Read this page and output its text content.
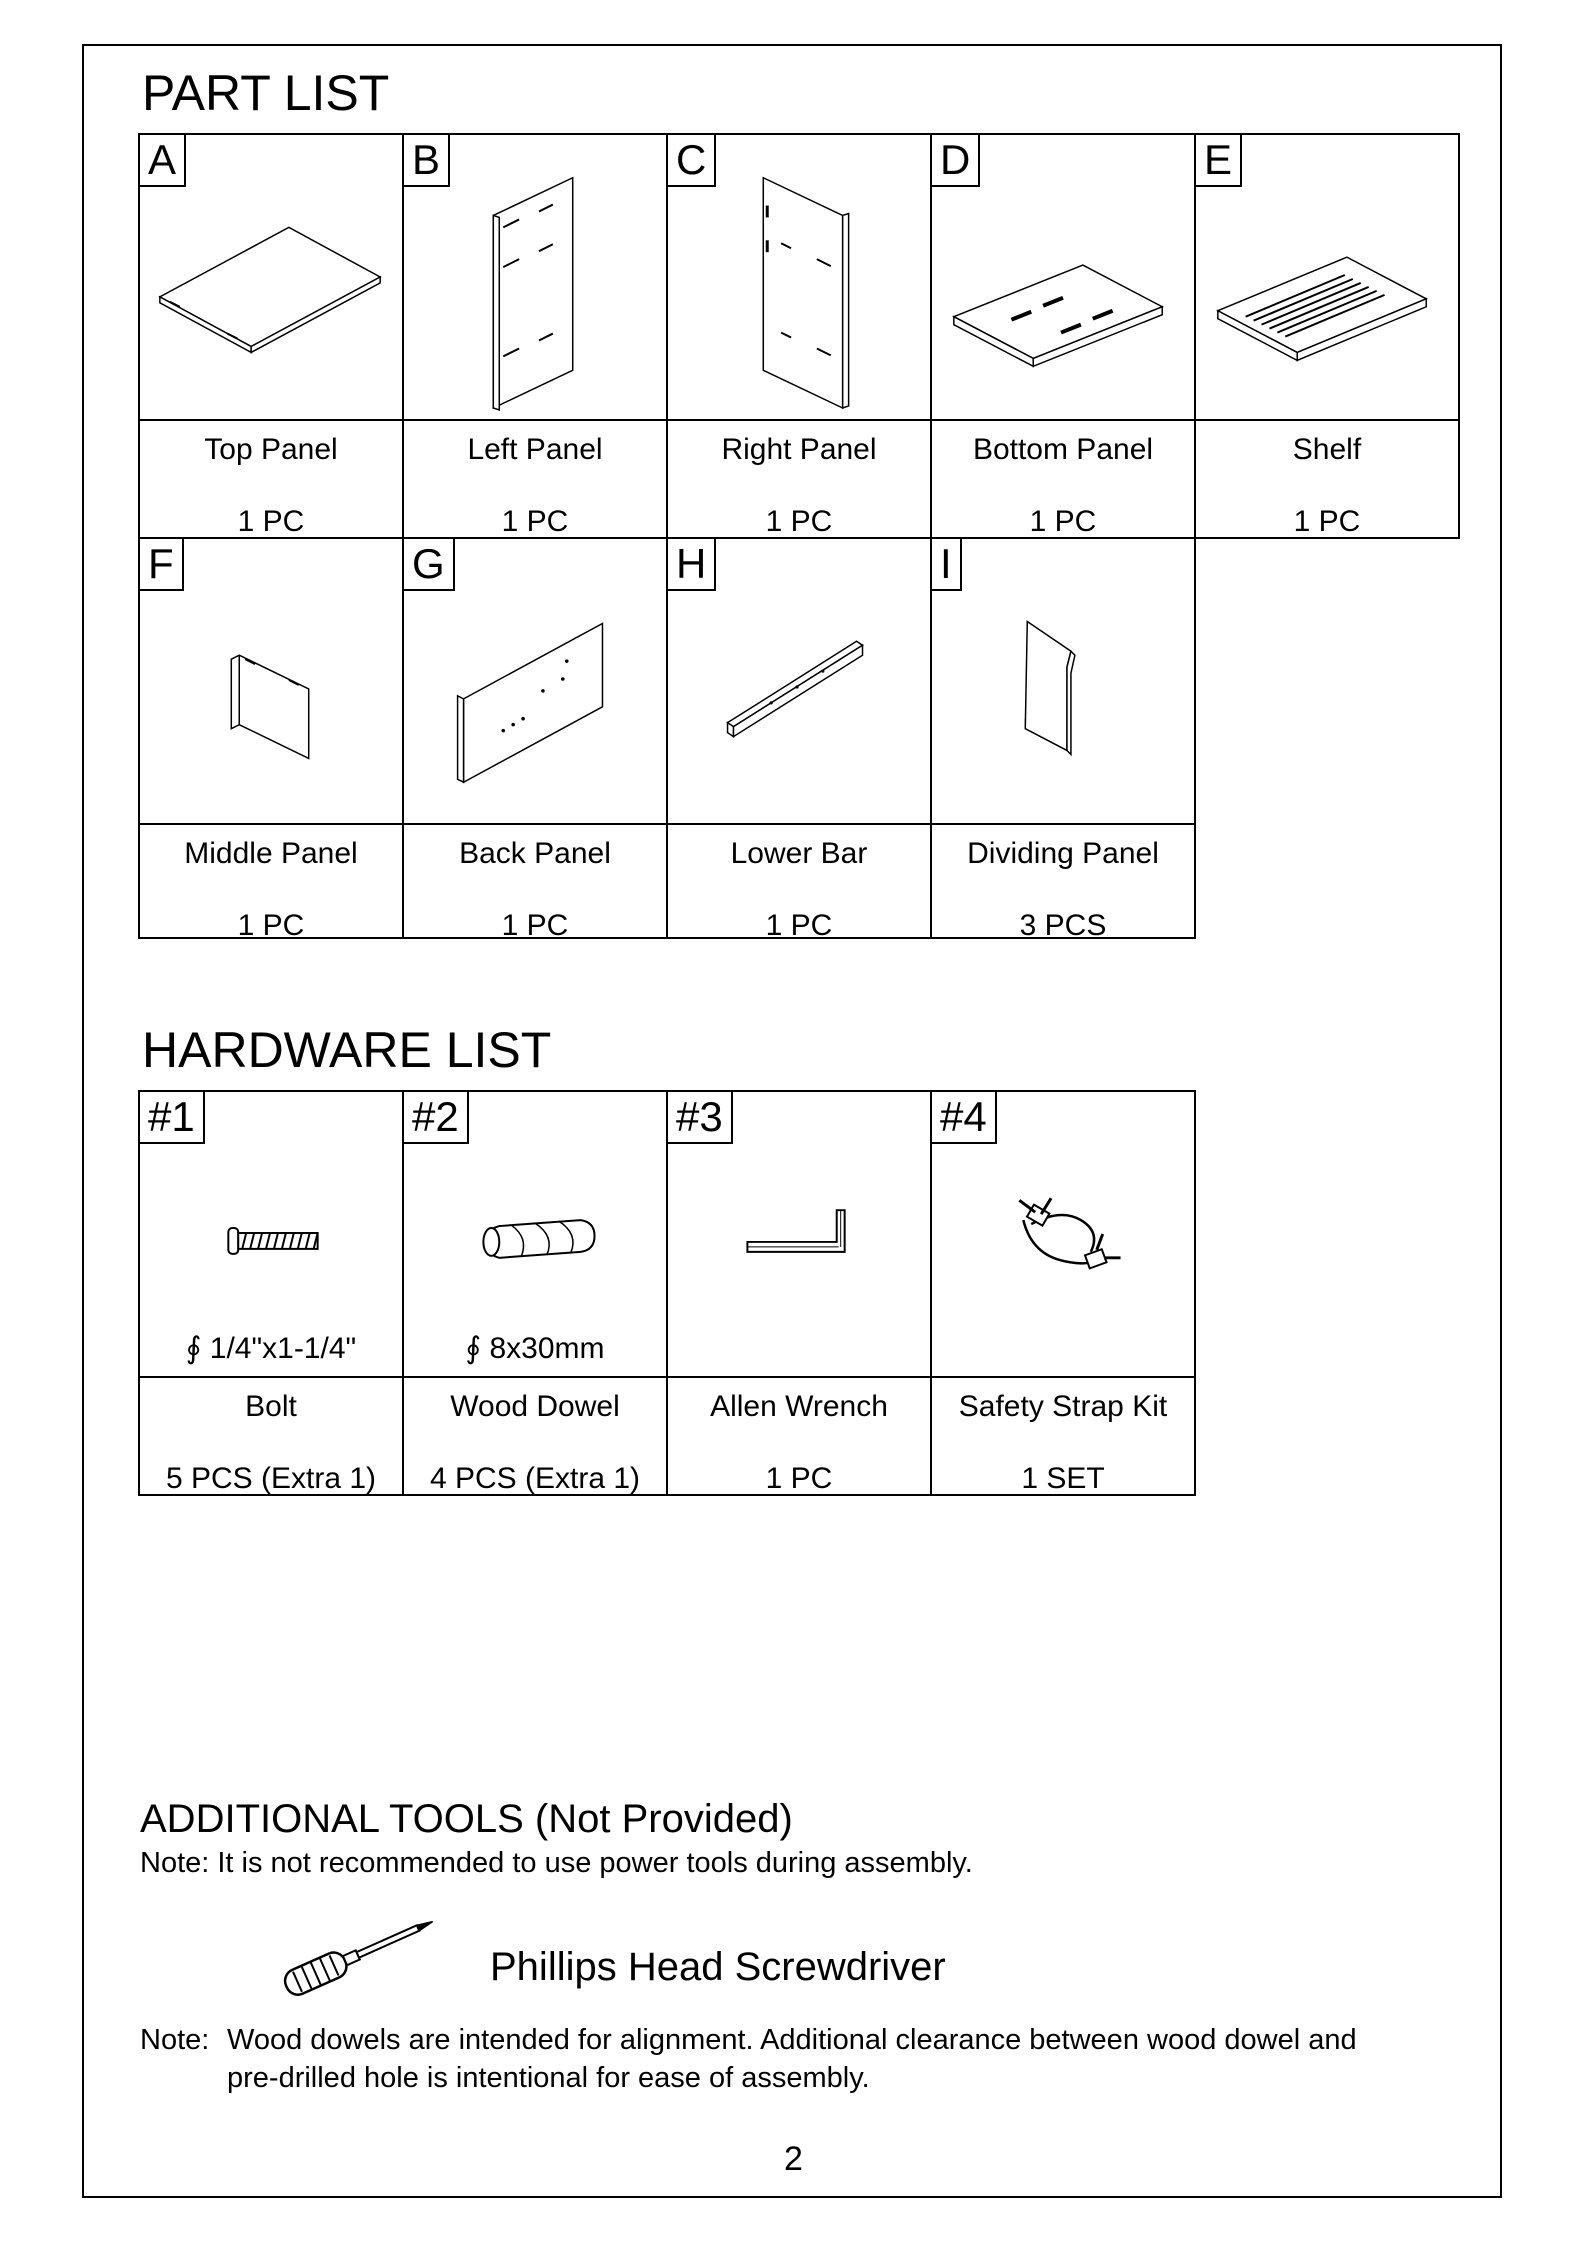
PART LIST
A
Top Panel
1 PC
B
Left Panel
1 PC
C
Right Panel
1 PC
D
Bottom Panel
1 PC
E
Shelf
1 PC
F
Middle Panel
1 PC
G
Back Panel
1 PC
H
Lower Bar
1 PC
I
Dividing Panel
3 PCS
HARDWARE LIST
#1
∮ 1/4"x1-1/4"
Bolt
5 PCS (Extra 1)
#2
∮ 8x30mm
Wood Dowel
4 PCS (Extra 1)
#3
Allen Wrench
1 PC
#4
Safety Strap Kit
1 SET
ADDITIONAL TOOLS (Not Provided)
Note: It is not recommended to use power tools during assembly.
Phillips Head Screwdriver
Note: Wood dowels are intended for alignment. Additional clearance between wood dowel and
pre-drilled hole is intentional for ease of assembly.
2
